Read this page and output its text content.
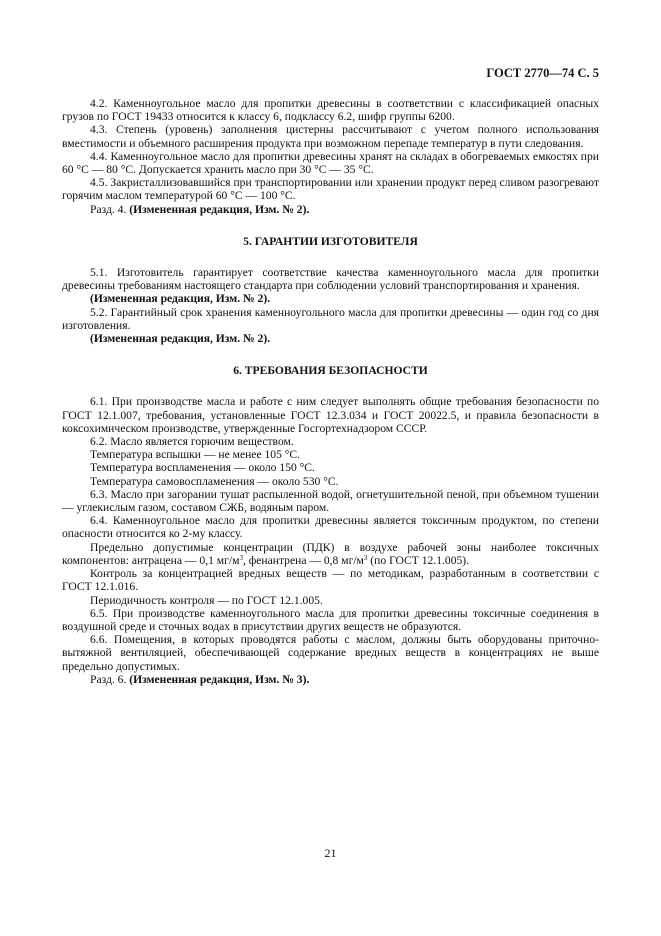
ГОСТ 2770—74 С. 5

4.2. Каменноугольное масло для пропитки древесины в соответствии с классификацией опасных грузов по ГОСТ 19433 относится к классу 6, подклассу 6.2, шифр группы 6200.

4.3. Степень (уровень) заполнения цистерны рассчитывают с учетом полного использования вместимости и объемного расширения продукта при возможном перепаде температур в пути следования.

4.4. Каменноугольное масло для пропитки древесины хранят на складах в обогреваемых емкостях при 60 °С — 80 °С. Допускается хранить масло при 30 °С — 35 °С.

4.5. Закристаллизовавшийся при транспортировании или хранении продукт перед сливом разогревают горячим маслом температурой 60 °С — 100 °С.

Разд. 4. (Измененная редакция, Изм. № 2).

5. ГАРАНТИИ ИЗГОТОВИТЕЛЯ

5.1. Изготовитель гарантирует соответствие качества каменноугольного масла для пропитки древесины требованиям настоящего стандарта при соблюдении условий транспортирования и хранения.

(Измененная редакция, Изм. № 2).

5.2. Гарантийный срок хранения каменноугольного масла для пропитки древесины — один год со дня изготовления.

(Измененная редакция, Изм. № 2).

6. ТРЕБОВАНИЯ БЕЗОПАСНОСТИ

6.1. При производстве масла и работе с ним следует выполнять общие требования безопасности по ГОСТ 12.1.007, требования, установленные ГОСТ 12.3.034 и ГОСТ 20022.5, и правила безопасности в коксохимическом производстве, утвержденные Госгортехнадзором СССР.

6.2. Масло является горючим веществом.

Температура вспышки — не менее 105 °С.

Температура воспламенения — около 150 °С.

Температура самовоспламенения — около 530 °С.

6.3. Масло при загорании тушат распыленной водой, огнетушительной пеной, при объемном тушении — углекислым газом, составом СЖБ, водяным паром.

6.4. Каменноугольное масло для пропитки древесины является токсичным продуктом, по степени опасности относится ко 2-му классу.

Предельно допустимые концентрации (ПДК) в воздухе рабочей зоны наиболее токсичных компонентов: антрацена — 0,1 $мг/м^3$, фенантрена — 0,8 $мг/м^3$ (по ГОСТ 12.1.005).

Контроль за концентрацией вредных веществ — по методикам, разработанным в соответствии с ГОСТ 12.1.016.

Периодичность контроля — по ГОСТ 12.1.005.

6.5. При производстве каменноугольного масла для пропитки древесины токсичные соединения в воздушной среде и сточных водах в присутствии других веществ не образуются.

6.6. Помещения, в которых проводятся работы с маслом, должны быть оборудованы приточно-вытяжной вентиляцией, обеспечивающей содержание вредных веществ в концентрациях не выше предельно допустимых.

Разд. 6. (Измененная редакция, Изм. № 3).

21
